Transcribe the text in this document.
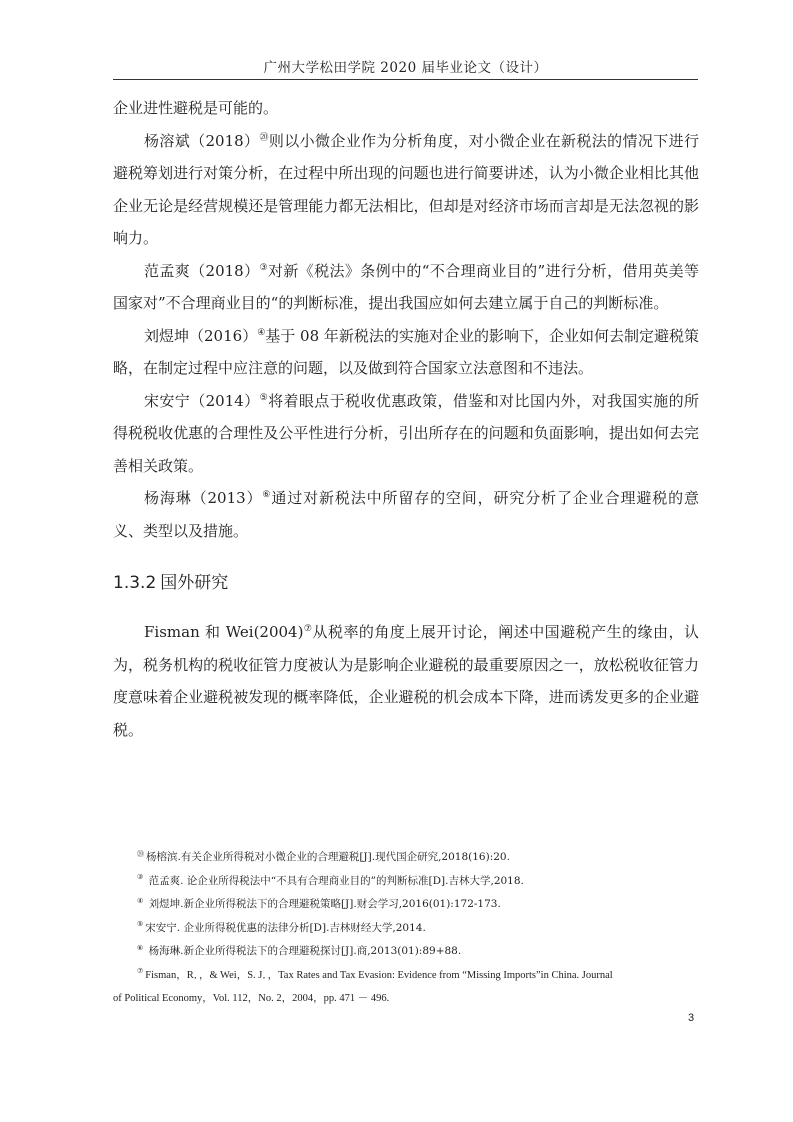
广州大学松田学院 2020 届毕业论文（设计）

企业进性避税是可能的。

杨溶斌（2018）⑳则以小微企业作为分析角度，对小微企业在新税法的情况下进行避税筹划进行对策分析，在过程中所出现的问题也进行简要讲述，认为小微企业相比其他企业无论是经营规模还是管理能力都无法相比，但却是对经济市场而言却是无法忽视的影响力。

范孟爽（2018）③对新《税法》条例中的“不合理商业目的”进行分析，借用英美等国家对”不合理商业目的“的判断标准，提出我国应如何去建立属于自己的判断标准。

刘煜坤（2016）④基于 08 年新税法的实施对企业的影响下，企业如何去制定避税策略，在制定过程中应注意的问题，以及做到符合国家立法意图和不违法。

宋安宁（2014）⑤将着眼点于税收优惠政策，借鉴和对比国内外，对我国实施的所得税税收优惠的合理性及公平性进行分析，引出所存在的问题和负面影响，提出如何去完善相关政策。

杨海琳（2013）⑥通过对新税法中所留存的空间，研究分析了企业合理避税的意义、类型以及措施。

1.3.2 国外研究

Fisman 和 Wei(2004)⑦从税率的角度上展开讨论，阐述中国避税产生的缘由，认为，税务机构的税收征管力度被认为是影响企业避税的最重要原因之一，放松税收征管力度意味着企业避税被发现的概率降低，企业避税的机会成本下降，进而诱发更多的企业避税。

⑳ 杨榕滨.有关企业所得税对小微企业的合理避税[J].现代国企研究,2018(16):20.

③ 范孟爽. 论企业所得税法中“不具有合理商业目的”的判断标准[D].吉林大学,2018.

④ 刘煜坤.新企业所得税法下的合理避税策略[J].财会学习,2016(01):172-173.

⑤ 宋安宁. 企业所得税优惠的法律分析[D].吉林财经大学,2014.

⑥ 杨海琳.新企业所得税法下的合理避税探讨[J].商,2013(01):89+88.

⑦ Fisman，R．，& Wei，S. J．，Tax Rates and Tax Evasion: Evidence from “Missing Imports”in China. Journal

of Political Economy，Vol. 112，No. 2，2004，pp. 471 － 496.

3
